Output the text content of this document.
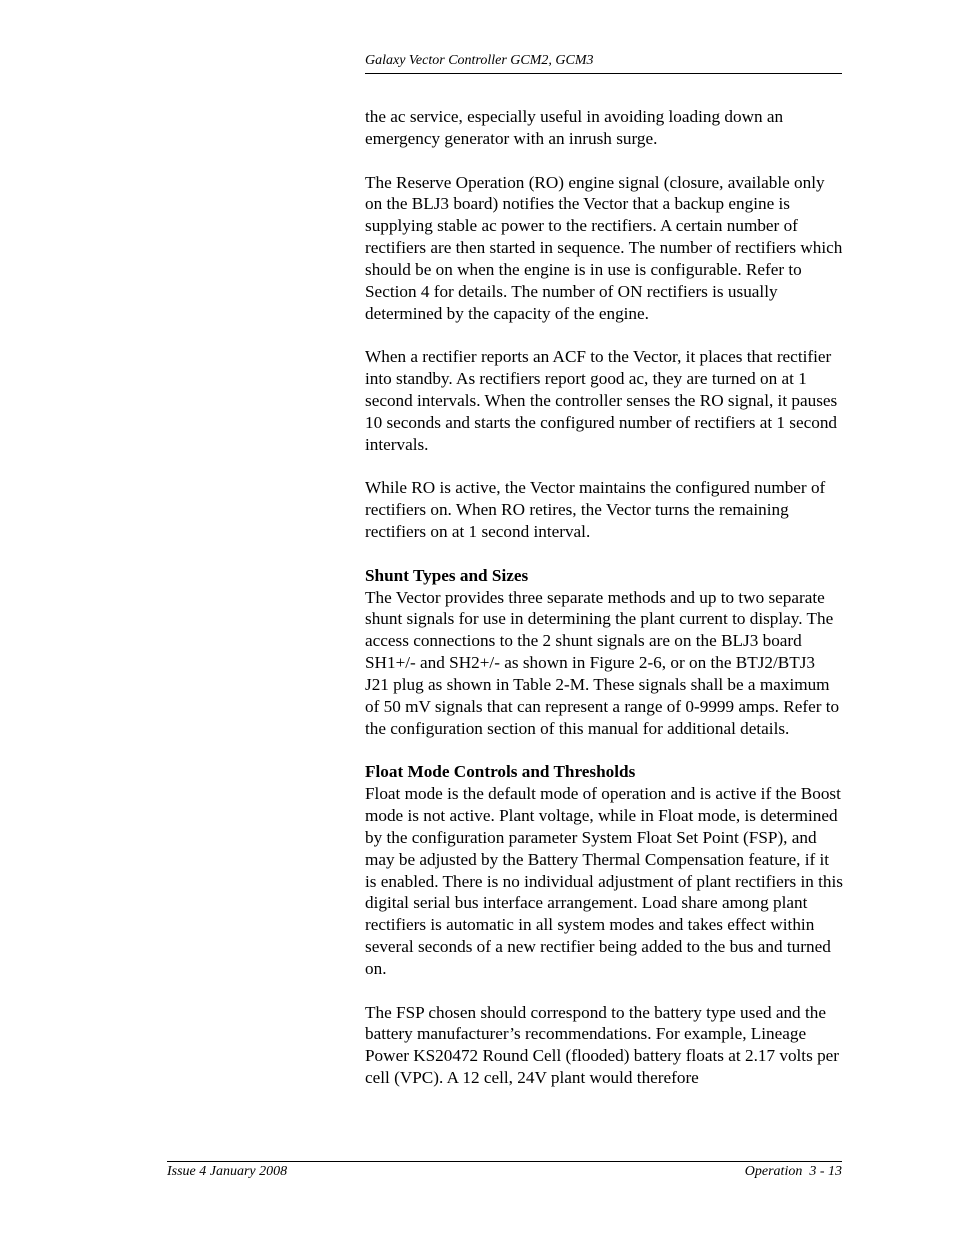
Galaxy Vector Controller GCM2, GCM3

the ac service, especially useful in avoiding loading down an emergency generator with an inrush surge.

The Reserve Operation (RO) engine signal (closure, available only on the BLJ3 board) notifies the Vector that a backup engine is supplying stable ac power to the rectifiers. A certain number of rectifiers are then started in sequence. The number of rectifiers which should be on when the engine is in use is configurable. Refer to Section 4 for details. The number of ON rectifiers is usually determined by the capacity of the engine.

When a rectifier reports an ACF to the Vector, it places that rectifier into standby. As rectifiers report good ac, they are turned on at 1 second intervals. When the controller senses the RO signal, it pauses 10 seconds and starts the configured number of rectifiers at 1 second intervals.

While RO is active, the Vector maintains the configured number of rectifiers on. When RO retires, the Vector turns the remaining rectifiers on at 1 second interval.

Shunt Types and Sizes

The Vector provides three separate methods and up to two separate shunt signals for use in determining the plant current to display. The access connections to the 2 shunt signals are on the BLJ3 board SH1+/- and SH2+/- as shown in Figure 2-6, or on the BTJ2/BTJ3 J21 plug as shown in Table 2-M. These signals shall be a maximum of 50 mV signals that can represent a range of 0-9999 amps. Refer to the configuration section of this manual for additional details.

Float Mode Controls and Thresholds

Float mode is the default mode of operation and is active if the Boost mode is not active. Plant voltage, while in Float mode, is determined by the configuration parameter System Float Set Point (FSP), and may be adjusted by the Battery Thermal Compensation feature, if it is enabled. There is no individual adjustment of plant rectifiers in this digital serial bus interface arrangement. Load share among plant rectifiers is automatic in all system modes and takes effect within several seconds of a new rectifier being added to the bus and turned on.

The FSP chosen should correspond to the battery type used and the battery manufacturer’s recommendations. For example, Lineage Power KS20472 Round Cell (flooded) battery floats at 2.17 volts per cell (VPC). A 12 cell, 24V plant would therefore

Issue 4 January 2008	Operation  3 - 13
